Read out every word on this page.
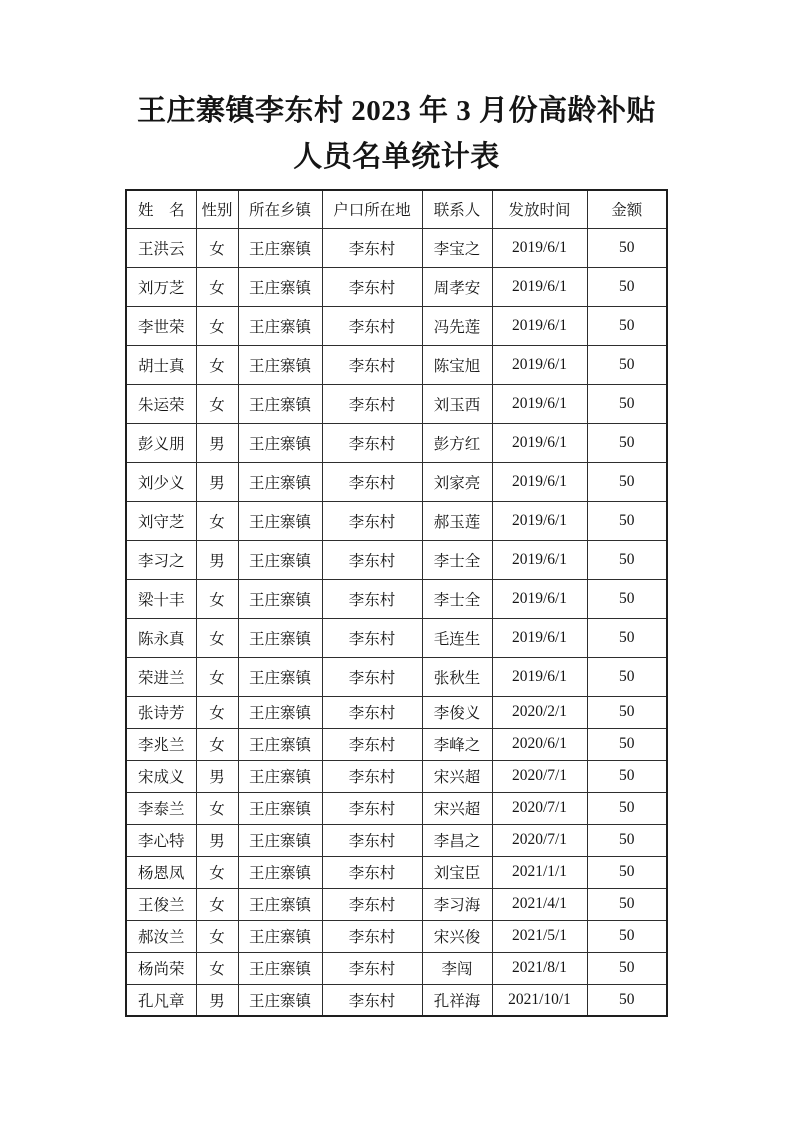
王庄寨镇李东村 2023 年 3 月份高龄补贴
人员名单统计表
姓　名	性别	所在乡镇	户口所在地	联系人	发放时间	金额
王洪云	女	王庄寨镇	李东村	李宝之	2019/6/1	50
刘万芝	女	王庄寨镇	李东村	周孝安	2019/6/1	50
李世荣	女	王庄寨镇	李东村	冯先莲	2019/6/1	50
胡士真	女	王庄寨镇	李东村	陈宝旭	2019/6/1	50
朱运荣	女	王庄寨镇	李东村	刘玉西	2019/6/1	50
彭义朋	男	王庄寨镇	李东村	彭方红	2019/6/1	50
刘少义	男	王庄寨镇	李东村	刘家亮	2019/6/1	50
刘守芝	女	王庄寨镇	李东村	郝玉莲	2019/6/1	50
李习之	男	王庄寨镇	李东村	李士全	2019/6/1	50
梁十丰	女	王庄寨镇	李东村	李士全	2019/6/1	50
陈永真	女	王庄寨镇	李东村	毛连生	2019/6/1	50
荣进兰	女	王庄寨镇	李东村	张秋生	2019/6/1	50
张诗芳	女	王庄寨镇	李东村	李俊义	2020/2/1	50
李兆兰	女	王庄寨镇	李东村	李峰之	2020/6/1	50
宋成义	男	王庄寨镇	李东村	宋兴超	2020/7/1	50
李泰兰	女	王庄寨镇	李东村	宋兴超	2020/7/1	50
李心特	男	王庄寨镇	李东村	李昌之	2020/7/1	50
杨恩凤	女	王庄寨镇	李东村	刘宝臣	2021/1/1	50
王俊兰	女	王庄寨镇	李东村	李习海	2021/4/1	50
郝汝兰	女	王庄寨镇	李东村	宋兴俊	2021/5/1	50
杨尚荣	女	王庄寨镇	李东村	李闯	2021/8/1	50
孔凡章	男	王庄寨镇	李东村	孔祥海	2021/10/1	50
